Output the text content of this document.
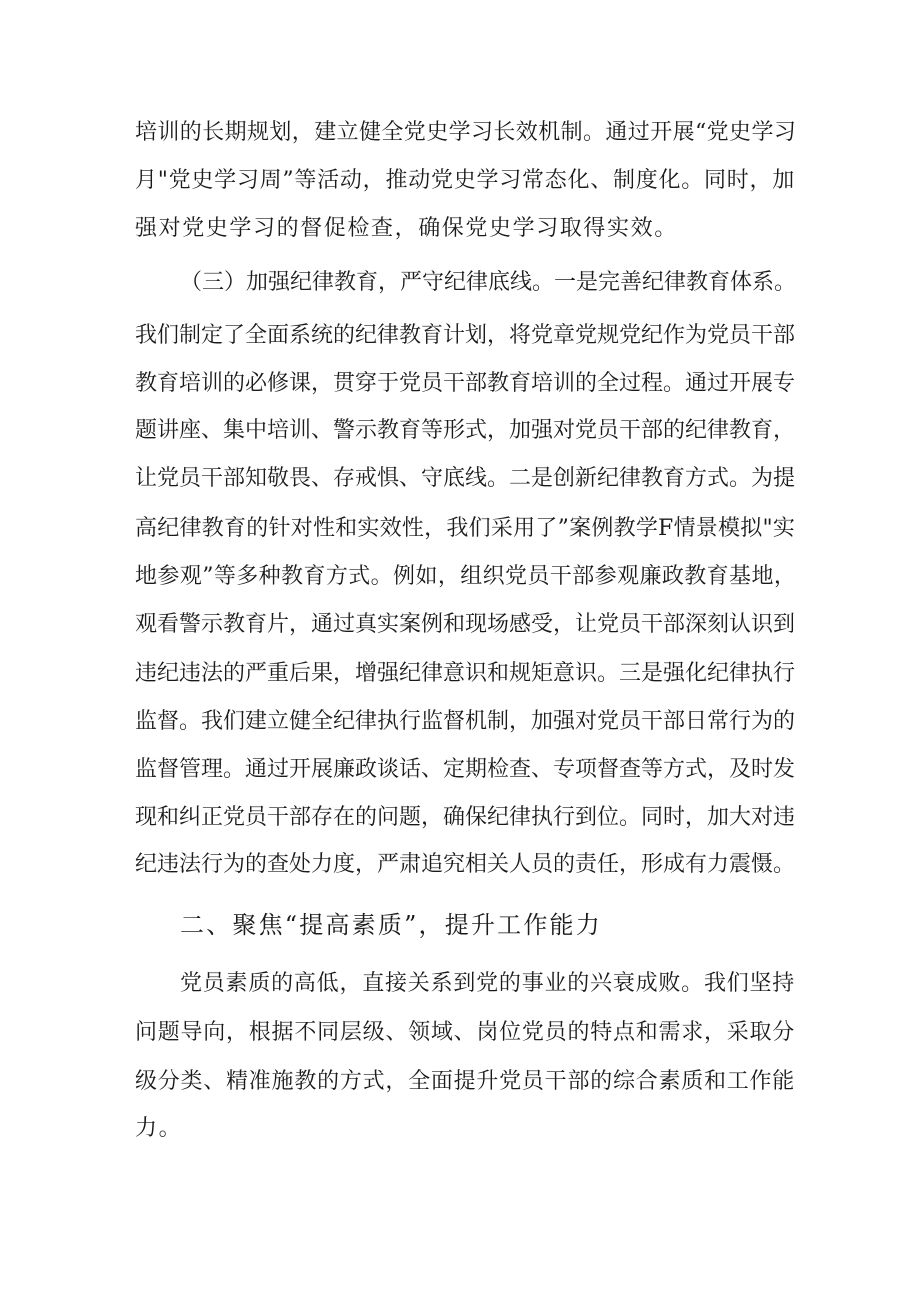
培训的长期规划，建立健全党史学习长效机制。通过开展“党史学习
月"党史学习周”等活动，推动党史学习常态化、制度化。同时，加
强对党史学习的督促检查，确保党史学习取得实效。
（三）加强纪律教育，严守纪律底线。一是完善纪律教育体系。
我们制定了全面系统的纪律教育计划，将党章党规党纪作为党员干部
教育培训的必修课，贯穿于党员干部教育培训的全过程。通过开展专
题讲座、集中培训、警示教育等形式，加强对党员干部的纪律教育，
让党员干部知敬畏、存戒惧、守底线。二是创新纪律教育方式。为提
高纪律教育的针对性和实效性，我们采用了”案例教学F情景模拟"实
地参观”等多种教育方式。例如，组织党员干部参观廉政教育基地，
观看警示教育片，通过真实案例和现场感受，让党员干部深刻认识到
违纪违法的严重后果，增强纪律意识和规矩意识。三是强化纪律执行
监督。我们建立健全纪律执行监督机制，加强对党员干部日常行为的
监督管理。通过开展廉政谈话、定期检查、专项督查等方式，及时发
现和纠正党员干部存在的问题，确保纪律执行到位。同时，加大对违
纪违法行为的查处力度，严肃追究相关人员的责任，形成有力震慑。
二、聚焦“提高素质”，提升工作能力
党员素质的高低，直接关系到党的事业的兴衰成败。我们坚持
问题导向，根据不同层级、领域、岗位党员的特点和需求，采取分
级分类、精准施教的方式，全面提升党员干部的综合素质和工作能
力。
